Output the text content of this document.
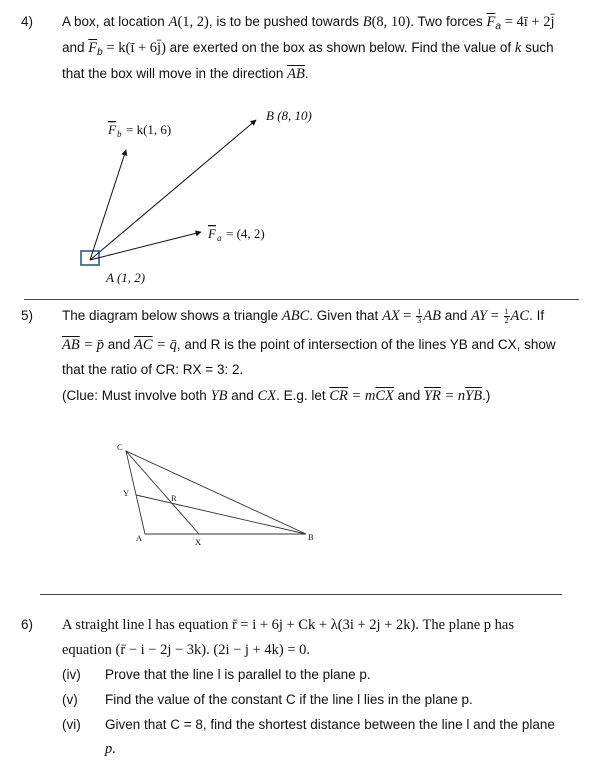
4) A box, at location A(1, 2), is to be pushed towards B(8, 10). Two forces $\overline{F}_a$ = 4ī + 2j̄
and $\overline{F}_b$ = k(ī + 6j̄) are exerted on the box as shown below. Find the value of k such
that the box will move in the direction $\overline{AB}$.
B (8, 10)
F b = k(1, 6)
F a = (4, 2)
A (1, 2)
5) The diagram below shows a triangle ABC. Given that AX = $\frac{1}{3}$ AB and AY = $\frac{1}{2}$ AC. If
$\overline{AB}$ = p̄ and $\overline{AC}$ = q̄, and R is the point of intersection of the lines YB and CX, show
that the ratio of CR: RX = 3: 2.
(Clue: Must involve both YB and CX. E.g. let $\overline{CR} = m\overline{CX}$ and $\overline{YR} = n\overline{YB}$.)
C
Y	R
A	X	B
6) A straight line l has equation r̄ = i + 6j + Ck + λ(3i + 2j + 2k). The plane p has
equation (r̄ − i − 2j − 3k). (2i − j + 4k) = 0.
(iv) Prove that the line l is parallel to the plane p.
(v) Find the value of the constant C if the line l lies in the plane p.
(vi) Given that C = 8, find the shortest distance between the line l and the plane
p.
